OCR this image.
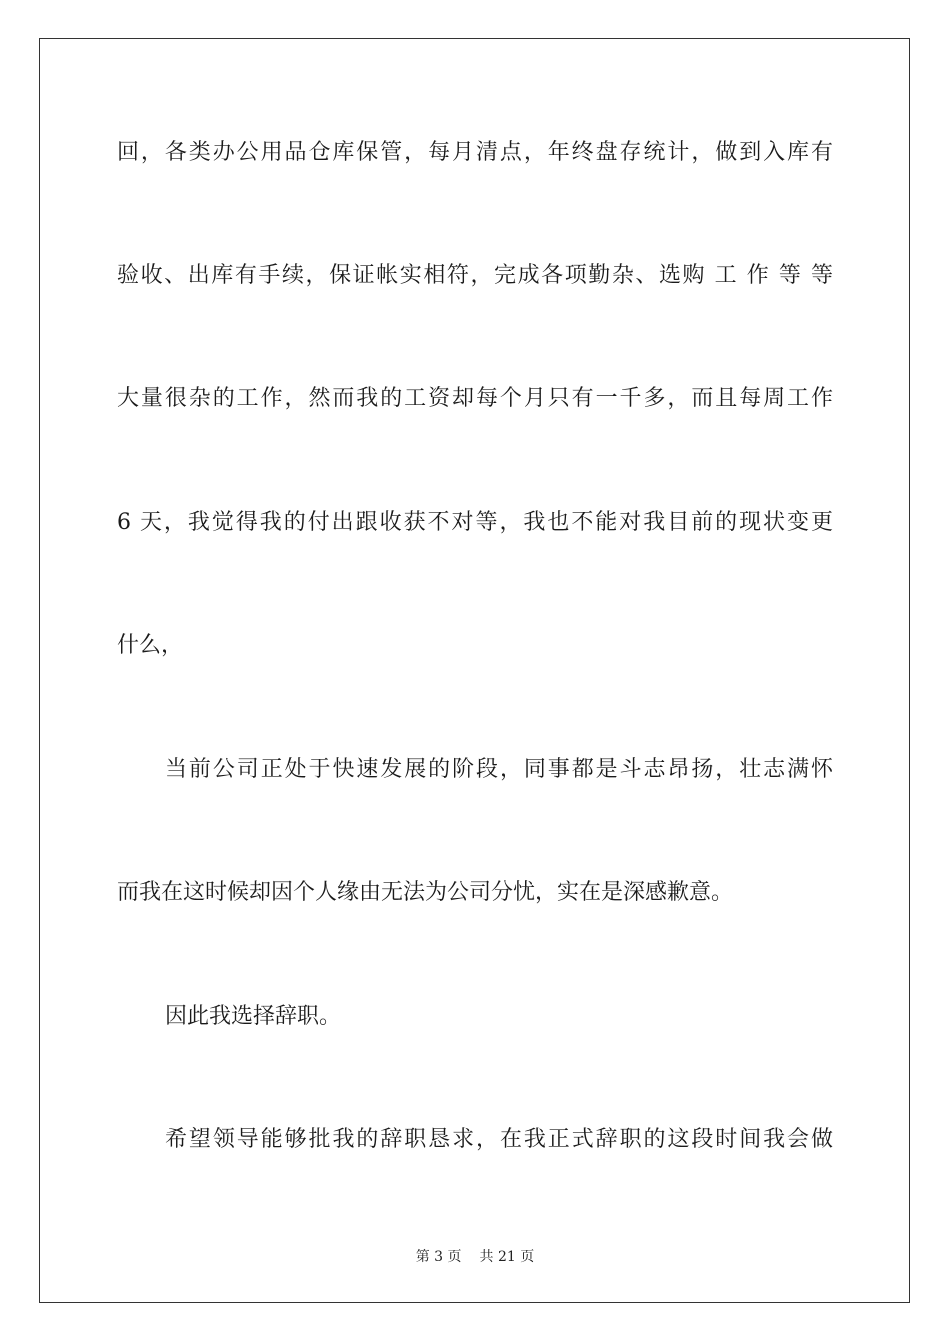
回，各类办公用品仓库保管，每月清点，年终盘存统计，做到入库有
验收、出库有手续，保证帐实相符，完成各项勤杂、选购 工 作 等 等
大量很杂的工作，然而我的工资却每个月只有一千多，而且每周工作
6 天，我觉得我的付出跟收获不对等，我也不能对我目前的现状变更
什么，
当前公司正处于快速发展的阶段，同事都是斗志昂扬，壮志满怀
而我在这时候却因个人缘由无法为公司分忧，实在是深感歉意。
因此我选择辞职。
希望领导能够批我的辞职恳求，在我正式辞职的这段时间我会做
第 3 页 共 21 页
